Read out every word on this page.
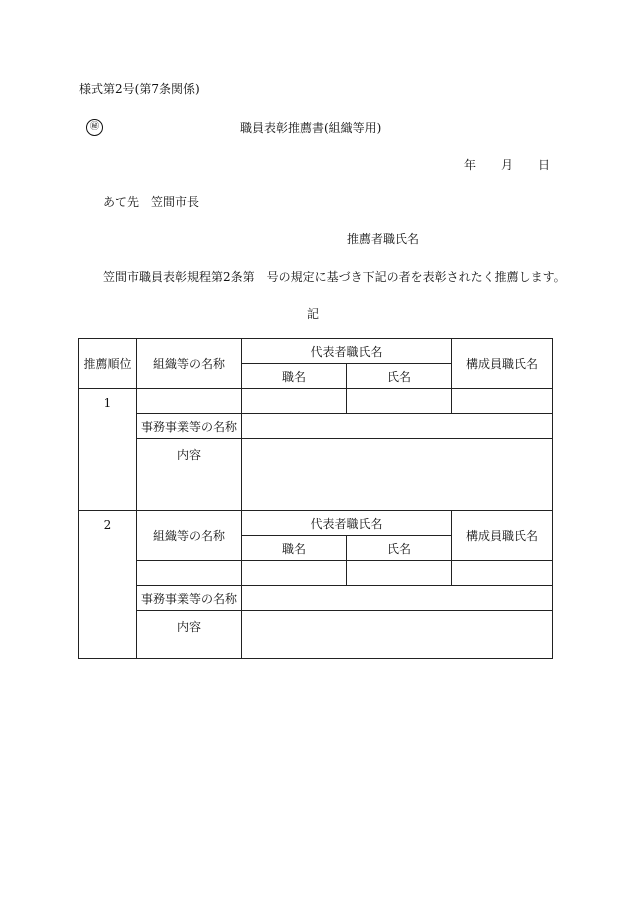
様式第2号(第7条関係)
㊙	職員表彰推薦書(組織等用)
年 月 日
あて先　笠間市長
推薦者職氏名
笠間市職員表彰規程第2条第　号の規定に基づき下記の者を表彰されたく推薦します。
記
推薦順位	組織等の名称	代表者職氏名		構成員職氏名
		職名	氏名	
1				
	事務事業等の名称			
	内容			
2	組織等の名称	代表者職氏名		構成員職氏名
		職名	氏名	

	事務事業等の名称			
	内容			
